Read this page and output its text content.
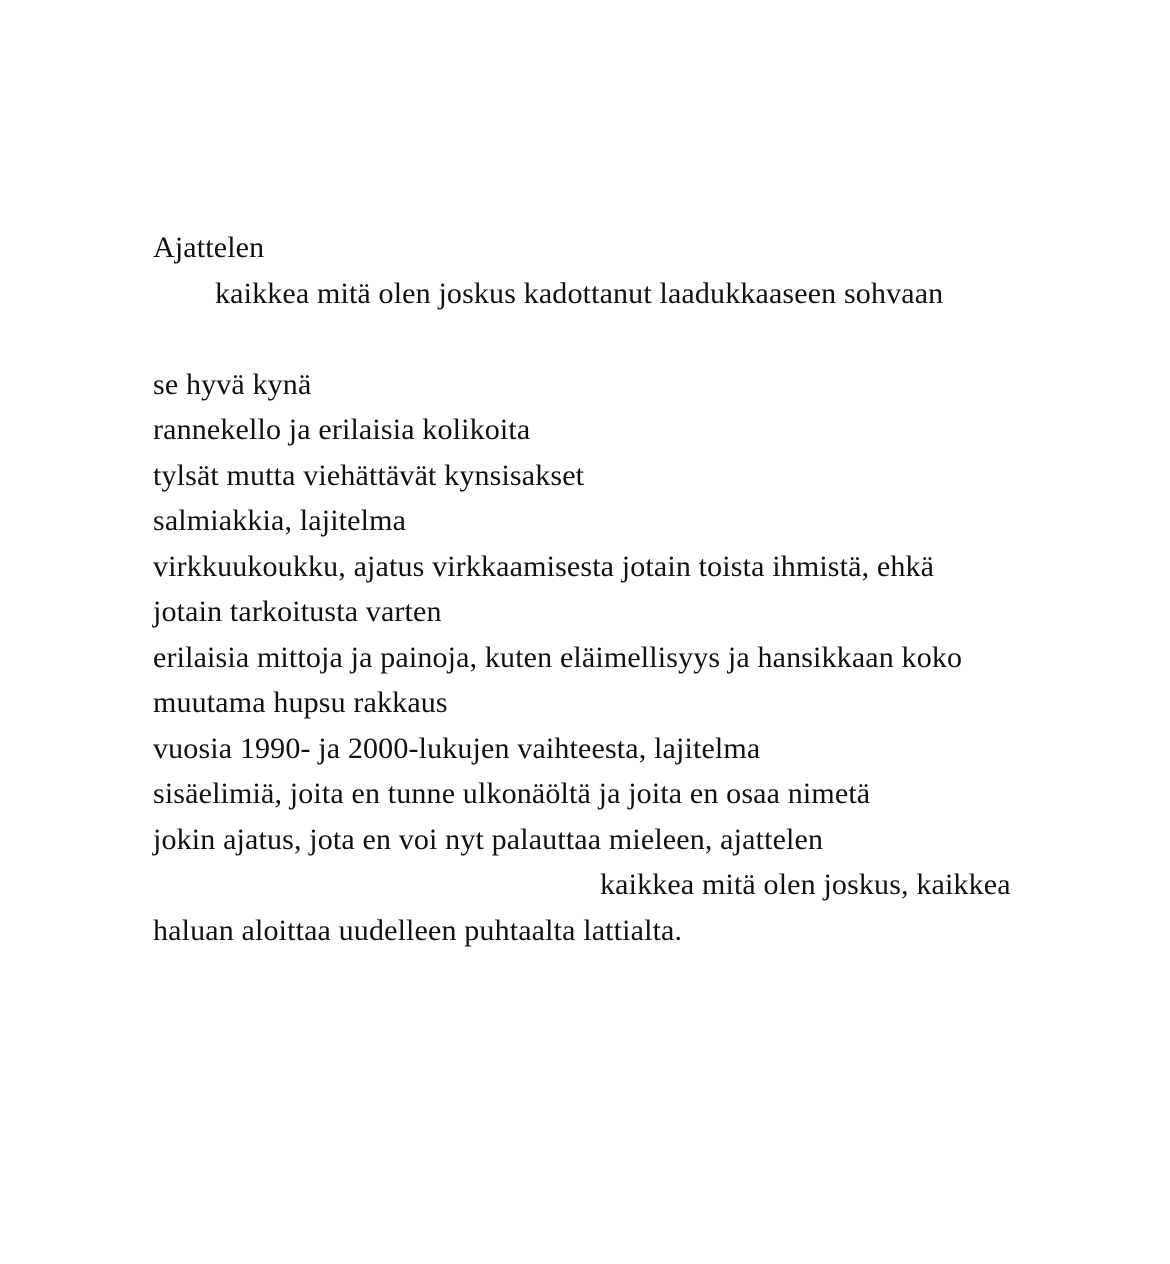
Ajattelen
kaikkea mitä olen joskus kadottanut laadukkaaseen sohvaan
se hyvä kynä
rannekello ja erilaisia kolikoita
tylsät mutta viehättävät kynsisakset
salmiakkia, lajitelma
virkkuukoukku, ajatus virkkaamisesta jotain toista ihmistä, ehkä
jotain tarkoitusta varten
erilaisia mittoja ja painoja, kuten eläimellisyys ja hansikkaan koko
muutama hupsu rakkaus
vuosia 1990- ja 2000-lukujen vaihteesta, lajitelma
sisäelimiä, joita en tunne ulkonäöltä ja joita en osaa nimetä
jokin ajatus, jota en voi nyt palauttaa mieleen, ajattelen
kaikkea mitä olen joskus, kaikkea
haluan aloittaa uudelleen puhtaalta lattialta.
